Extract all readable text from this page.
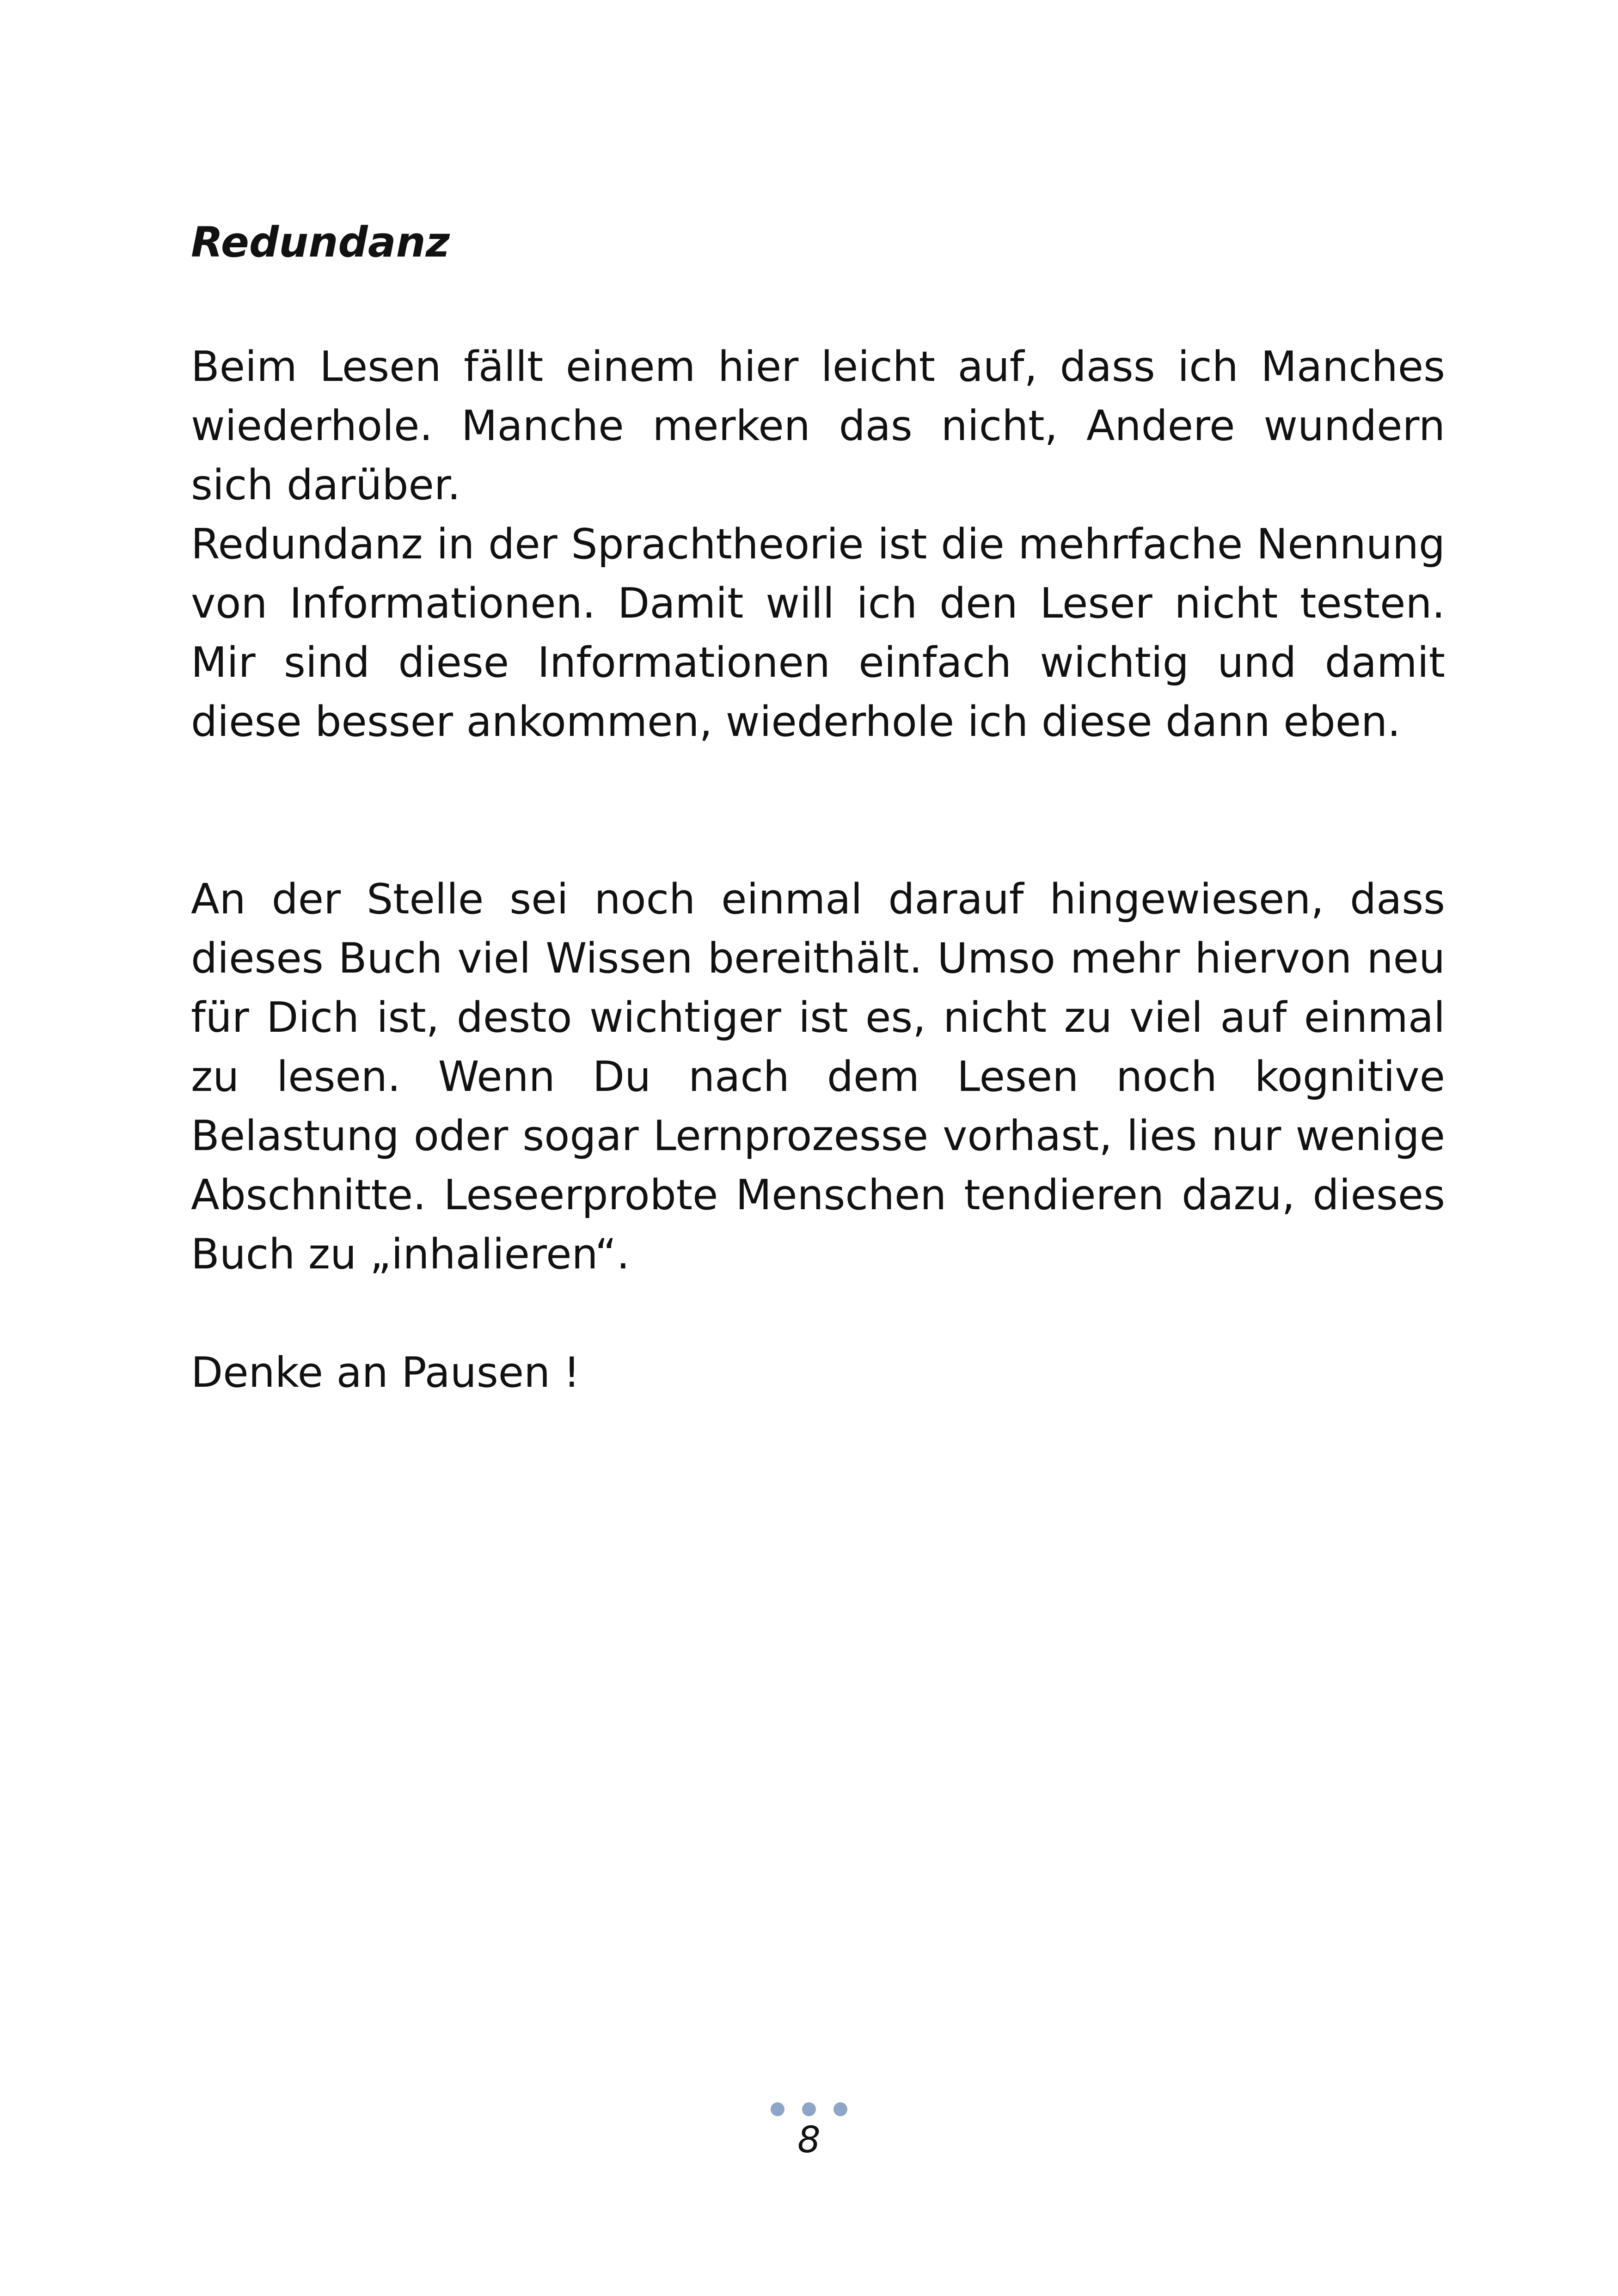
Redundanz

Beim Lesen fällt einem hier leicht auf, dass ich Manches wiederhole. Manche merken das nicht, Andere wundern sich darüber.

Redundanz in der Sprachtheorie ist die mehrfache Nennung von Informationen. Damit will ich den Leser nicht testen. Mir sind diese Informationen einfach wichtig und damit diese besser ankommen, wiederhole ich diese dann eben.

An der Stelle sei noch einmal darauf hingewiesen, dass dieses Buch viel Wissen bereithält. Umso mehr hiervon neu für Dich ist, desto wichtiger ist es, nicht zu viel auf einmal zu lesen. Wenn Du nach dem Lesen noch kognitive Belastung oder sogar Lernprozesse vorhast, lies nur wenige Abschnitte. Leseerprobte Menschen tendieren dazu, dieses Buch zu „inhalieren“.

Denke an Pausen !

8
